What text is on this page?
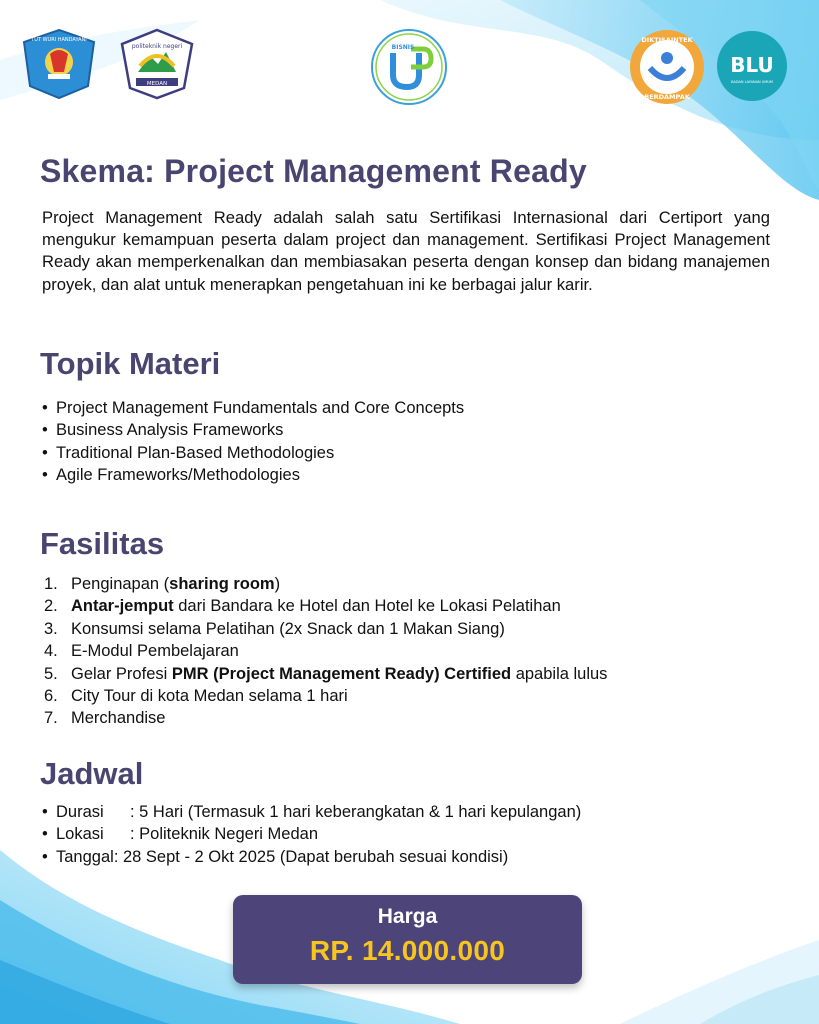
TUT WURI HANDAYANI
politeknik negeri
MEDAN
BISNIS
DIKTISAINTEK
BERDAMPAK
BLU
BADAN LAYANAN UMUM
Skema: Project Management Ready

Project Management Ready adalah salah satu Sertifikasi Internasional dari Certiport yang mengukur kemampuan peserta dalam project dan management. Sertifikasi Project Management Ready akan memperkenalkan dan membiasakan peserta dengan konsep dan bidang manajemen proyek, dan alat untuk menerapkan pengetahuan ini ke berbagai jalur karir.

Topik Materi
• Project Management Fundamentals and Core Concepts
• Business Analysis Frameworks
• Traditional Plan-Based Methodologies
• Agile Frameworks/Methodologies
Fasilitas
1. Penginapan (sharing room)
2. Antar-jemput dari Bandara ke Hotel dan Hotel ke Lokasi Pelatihan
3. Konsumsi selama Pelatihan (2x Snack dan 1 Makan Siang)
4. E-Modul Pembelajaran
5. Gelar Profesi PMR (Project Management Ready) Certified apabila lulus
6. City Tour di kota Medan selama 1 hari
7. Merchandise
Jadwal
• Durasi : 5 Hari (Termasuk 1 hari keberangkatan & 1 hari kepulangan)
• Lokasi : Politeknik Negeri Medan
• Tanggal: 28 Sept - 2 Okt 2025 (Dapat berubah sesuai kondisi)
Harga
RP. 14.000.000
